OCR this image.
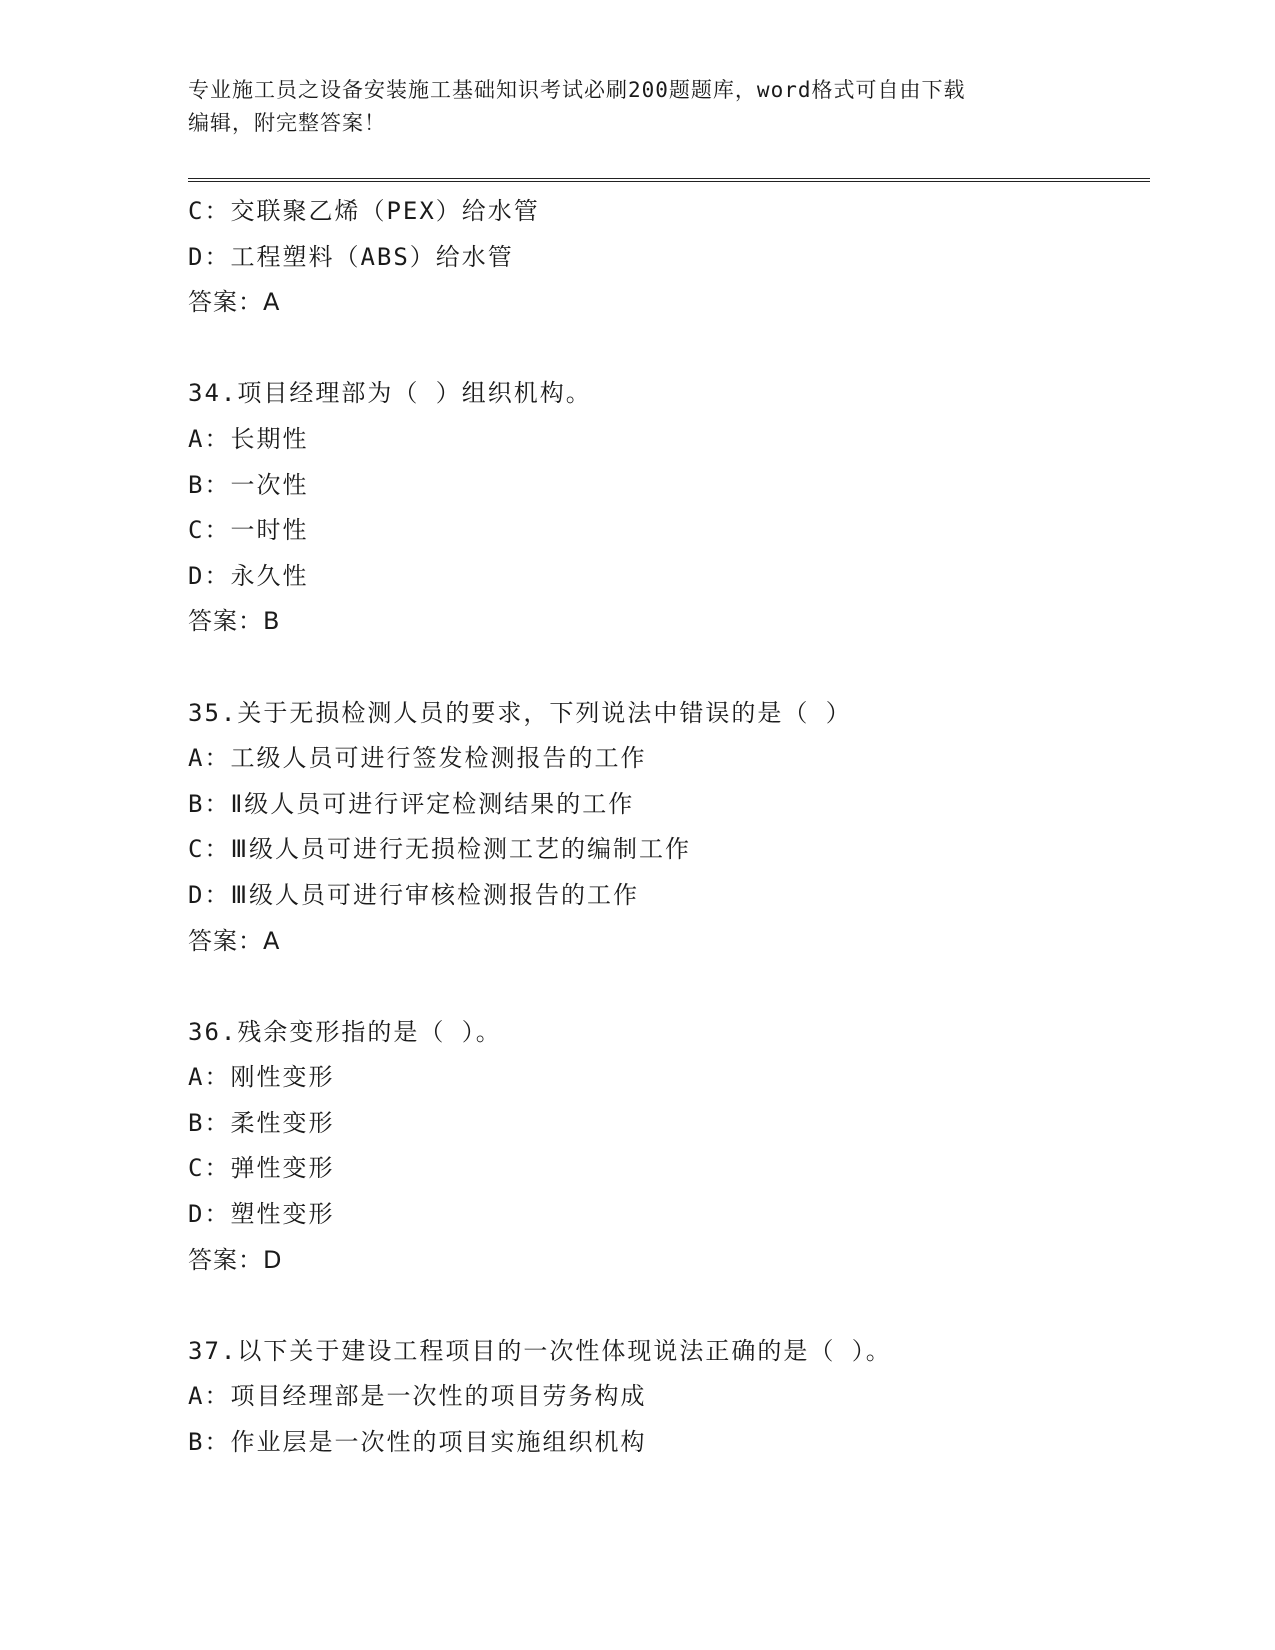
专业施工员之设备安装施工基础知识考试必刷200题题库，word格式可自由下载
编辑，附完整答案！
C：交联聚乙烯（PEX）给水管
D：工程塑料（ABS）给水管
答案：A
34.项目经理部为（ ）组织机构。
A：长期性
B：一次性
C：一时性
D：永久性
答案：B
35.关于无损检测人员的要求，下列说法中错误的是（ ）
A：工级人员可进行签发检测报告的工作
B：Ⅱ级人员可进行评定检测结果的工作
C：Ⅲ级人员可进行无损检测工艺的编制工作
D：Ⅲ级人员可进行审核检测报告的工作
答案：A
36.残余变形指的是（ ）。
A：刚性变形
B：柔性变形
C：弹性变形
D：塑性变形
答案：D
37.以下关于建设工程项目的一次性体现说法正确的是（ ）。
A：项目经理部是一次性的项目劳务构成
B：作业层是一次性的项目实施组织机构
